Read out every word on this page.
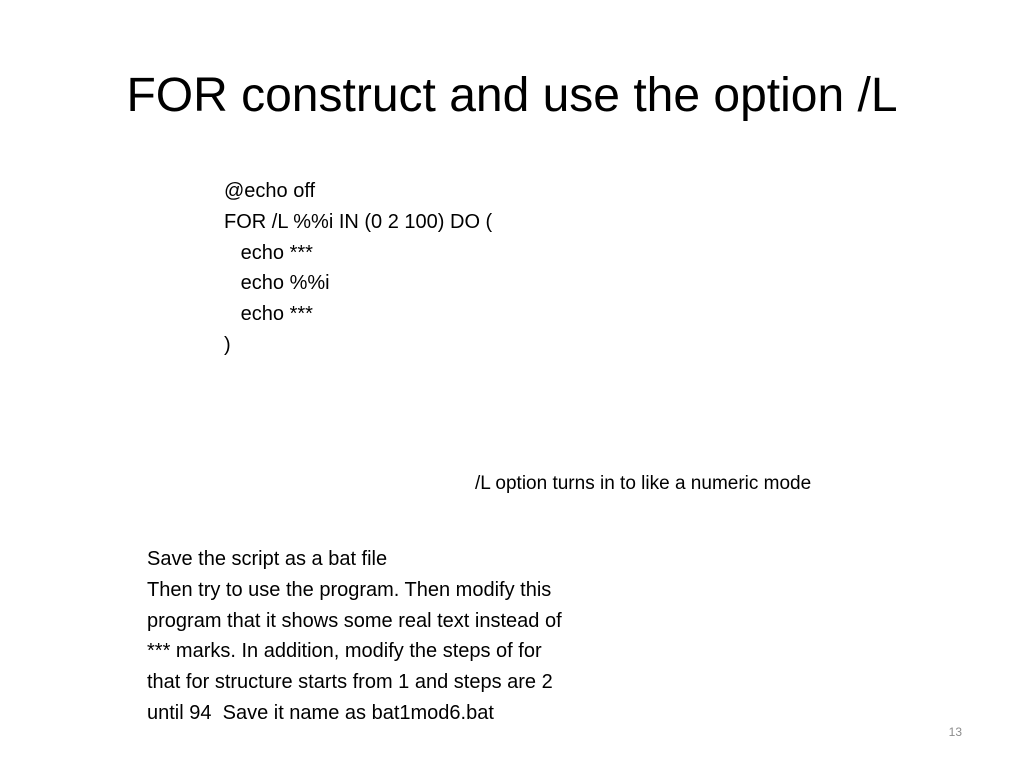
FOR construct and use the option /L
@echo off
FOR /L %%i IN (0 2 100) DO (
echo ***
echo %%i
echo ***
)
/L option turns in to like a numeric mode
Save the script as a bat file
Then try to use the program. Then modify this
program that it shows some real text instead of
*** marks. In addition, modify the steps of for
that for structure starts from 1 and steps are 2
until 94  Save it name as bat1mod6.bat
13
